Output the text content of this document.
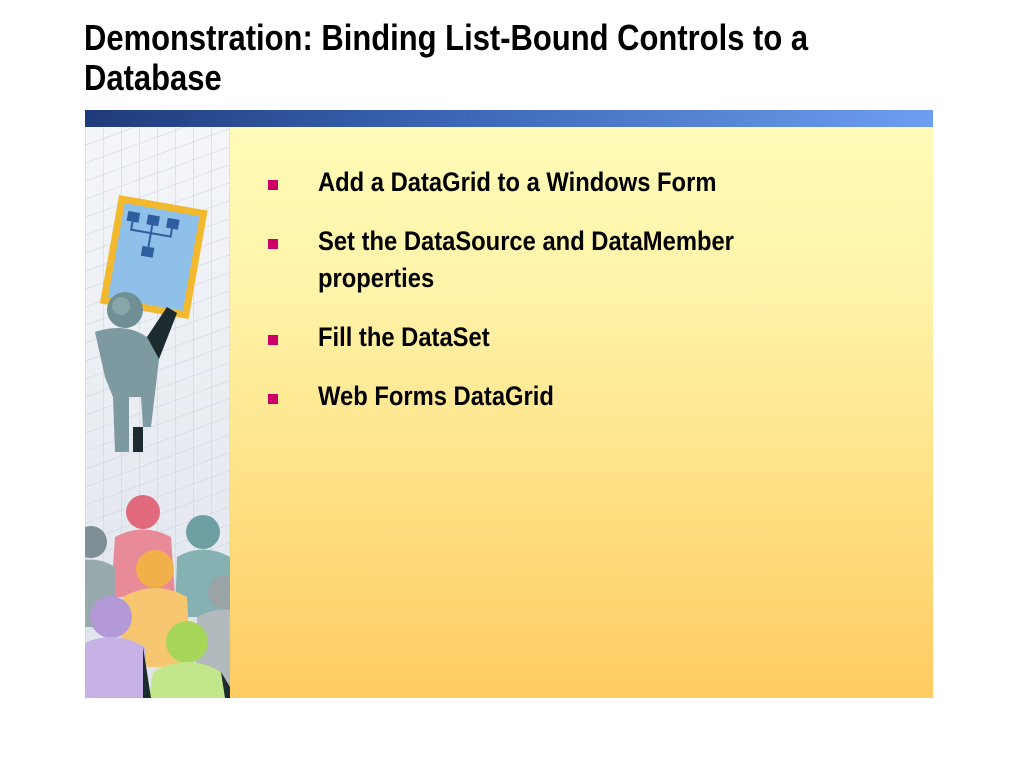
Demonstration: Binding List-Bound Controls to a Database
Add a DataGrid to a Windows Form
Set the DataSource and DataMember properties
Fill the DataSet
Web Forms DataGrid
